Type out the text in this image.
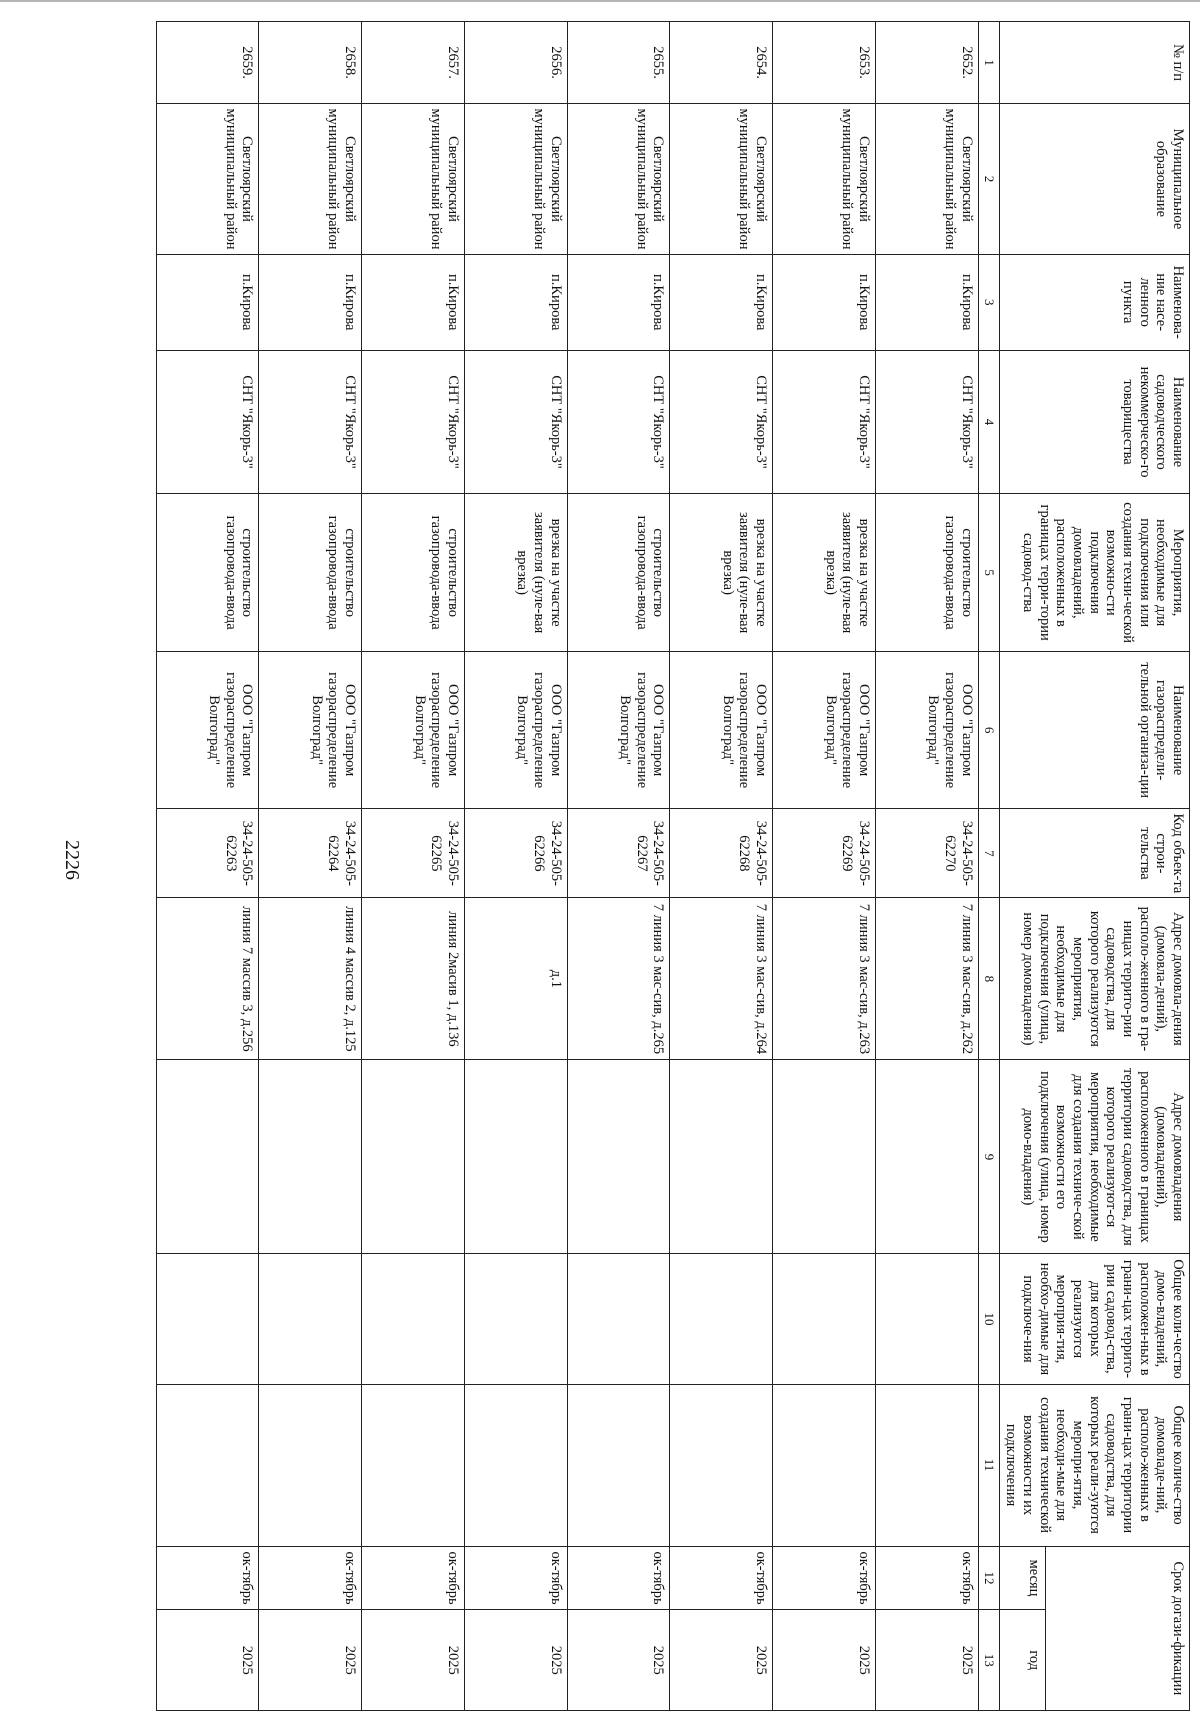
2226
№ п/п	Муниципальное образование	Наименова-ние насе-ленного пункта	Наименование садоводческого некоммерческо-го товарищества	Мероприятия, необходимые для подключения или создания техни-ческой возможно-сти подключения домовладений, расположенных в границах терри-тории садовод-ства	Наименование газораспредели-тельной организа-ции	Код объек-та строи-тельства	Адрес домовла-дения (домовла-дений), располо-женного в гра-ницах террито-рии садоводства, для которого реализуются мероприятия, необходимые для подключения (улица, номер домовладения)	Адрес домовладения (домовладений), расположенного в границах территории садоводства, для которого реализуют-ся мероприятия, необходимые для создания техниче-ской возможности его подключения (улица, номер домо-владения)	Общее коли-чество домо-владений, расположен-ных в грани-цах террито-рии садовод-ства, для которых реализуются мероприя-тия, необхо-димые для подключе-ния	Общее количе-ство домовладе-ний, располо-женных в грани-цах территории садоводства, для которых реали-зуются меропри-ятия, необходи-мые для создания технической возможности их подключения	Срок догази-фикации	
											месяц	год
1	2	3	4	5	6	7	8	9	10	11	12	13
2652.	Светлоярский муниципальный район	п.Кирова	СНТ "Якорь-3"	строительство газопровода-ввода	ООО "Газпром газораспределение Волгоград"	34-24-505-62270	7 линия 3 мас-сив, д.262				ок-тябрь	2025
2653.	Светлоярский муниципальный район	п.Кирова	СНТ "Якорь-3"	врезка на участке заявителя (нуле-вая врезка)	ООО "Газпром газораспределение Волгоград"	34-24-505-62269	7 линия 3 мас-сив, д.263				ок-тябрь	2025
2654.	Светлоярский муниципальный район	п.Кирова	СНТ "Якорь-3"	врезка на участке заявителя (нуле-вая врезка)	ООО "Газпром газораспределение Волгоград"	34-24-505-62268	7 линия 3 мас-сив, д.264				ок-тябрь	2025
2655.	Светлоярский муниципальный район	п.Кирова	СНТ "Якорь-3"	строительство газопровода-ввода	ООО "Газпром газораспределение Волгоград"	34-24-505-62267	7 линия 3 мас-сив, д.265				ок-тябрь	2025
2656.	Светлоярский муниципальный район	п.Кирова	СНТ "Якорь-3"	врезка на участке заявителя (нуле-вая врезка)	ООО "Газпром газораспределение Волгоград"	34-24-505-62266	д.1				ок-тябрь	2025
2657.	Светлоярский муниципальный район	п.Кирова	СНТ "Якорь-3"	строительство газопровода-ввода	ООО "Газпром газораспределение Волгоград"	34-24-505-62265	линия 2масив 1, д.136				ок-тябрь	2025
2658.	Светлоярский муниципальный район	п.Кирова	СНТ "Якорь-3"	строительство газопровода-ввода	ООО "Газпром газораспределение Волгоград"	34-24-505-62264	линия 4 массив 2, д.125				ок-тябрь	2025
2659.	Светлоярский муниципальный район	п.Кирова	СНТ "Якорь-3"	строительство газопровода-ввода	ООО "Газпром газораспределение Волгоград"	34-24-505-62263	линия 7 массив 3, д.256				ок-тябрь	2025
